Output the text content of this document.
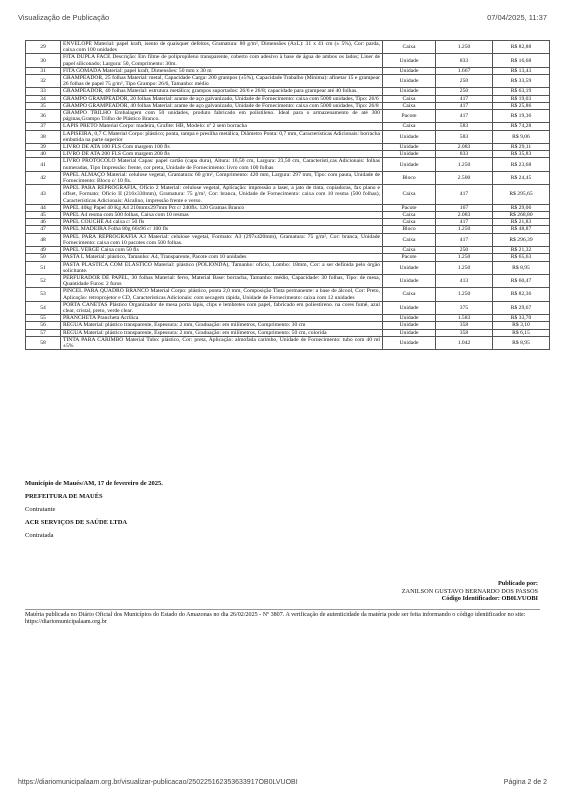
Visualização de Publicação	07/04/2025, 11:37
29	ENVELOPE Material: papel kraft, isento de quaisquer defeitos, Gramatura: 80 g/m², Dimensões (AxL): 31 x 41 cm (± 5%), Cor: parda, caixa com 100 unidades	Caixa	1.250	R$ 82,88
30	FITA DUPLA FACE Descrição: Em filme de polipropileno transparente, coberto com adesivo à base de água de ambos os lados; Liner de papel siliconado; Largura: 50, Comprimento: 30m.	Unidade	833	R$ 16,68
31	FITA GOMADA Material: papel kraft, Dimensões: 50 mm x 30 m	Unidade	1.667	R$ 13,43
32	GRAMPEADOR, 25 folhas Material: metal, Capacidade Carga: 200 grampos (±5%), Capacidade Trabalho (Mínima): afinetar 15 e grampear 26 folhas de papel 75 g/m², Tipo Grampo: 26/6, Tamanho: médio	Unidade	250	R$ 33,59
33	GRAMPEADOR, 40 folhas Material: estrutura metálica; grampos suportados: 26/6 e 26/8; capacidade para grampear até 40 folhas.	Unidade	250	R$ 63,19
34	GRAMPO GRAMPEADOR, 20 folhas Material: arame de aço galvanizado, Unidade de Fornecimento: caixa com 5000 unidades, Tipo: 26/6	Caixa	417	R$ 19,03
35	GRAMPO GRAMPEADOR, 40 folhas Material: arame de aço galvanizado, Unidade de Fornecimento: caixa com 5000 unidades, Tipo: 26/8	Caixa	417	R$ 25,86
36	GRAMPO TRILHO Embalagem com 50 unidades, produto fabricado em polistileno. Ideal para o armazenamento de até 300 páginas,Grampo Trilho de Plástico Branco.	Pacote	417	R$ 19,36
37	LÁPIS PRETO Material Corpo: madeira, Grafite: HB, Modelo: nº 2 sem borracha	Caixa	583	R$ 74,28
38	LAPISEIRA, 0,7 C Material Corpo: plástico; ponta, tampa e presilha metálica, Diâmetro Ponta: 0,7 mm, Características Adicionais: borracha embutida na parte superior	Unidade	583	R$ 9,06
39	LIVRO DE ATA 100 FLS Com margem 100 fls	Unidade	2.083	R$ 29,11
40	LIVRO DE ATA 200 FLS Com margem 200 fls	Unidade	833	R$ 35,83
41	LIVRO PROTOCOLO Material Capas: papel cartão (capa dura), Altura: 16,50 cm, Largura: 23,50 cm, Característi,cas Adicionais: folhas numeradas, Tipo Impressão: frente, cor preta, Unidade de Fornecimento: livro com 100 folhas	Unidade	1.250	R$ 23,68
42	PAPEL ALMAÇO Material: celulose vegetal, Gramatura: 60 g/m², Comprimento: 420 mm, Largura: 297 mm, Tipo: com pauta, Unidade de Fornecimento: Bloco c/ 10 fls.	Bloco	2.500	R$ 24,45
43	PAPEL PARA REPROGRAFIA, Ofício 2 Material: celulose vegetal, Aplicação: impressão a laser, a jato de tinta, copiadoras, fax plano e offset, Formato: Ofício II (216x330mm), Gramatura: 75 g/m², Cor: branca, Unidade de Fornecimento: caixa com 10 resma (500 folhas), Características Adicionais: Alcalino, impressão frente e verso.	Caixa	417	R$ 295,65
44	PAPEL 40kg Papel 40 Kg A4 210mmx297mm Pct c/ 240fls. 120 Gramas Branco	Pacote	167	R$ 29,06
45	PAPEL A4 resma com 500 folhas, Caixa com 10 resmas	Caixa	2.083	R$ 268,80
46	PAPEL COUCHÊ A4 caixa c/ 50 fls	Caixa	417	R$ 21,83
47	PAPEL MADEIRA Folha 80g 66x96 c/ 100 fls	Bloco	1.250	R$ 48,87
48	PAPEL PARA REPROGRAFIA A3 Material: celulose vegetal, Formato: A3 (297x420mm), Gramatura: 75 g/m², Cor: branca, Unidade Fornecimento: caixa com 10 pacotes com 500 folhas.	Caixa	417	R$ 296,39
49	PAPEL VERGÊ Caixa com 50 fls	Caixa	250	R$ 21,32
50	PASTA L Material: plástico, Tamanho: A4, Transparente, Pacote com 10 unidades	Pacote	1.250	R$ 65,63
51	PASTA PLÁSTICA COM ELÁSTICO Material: plástico (POLIONDA), Tamanho: ofício, Lombo: 18mm, Cor: a ser definida pelo órgão solicitante.	Unidade	1.250	R$ 8,95
52	PERFURADOR DE PAPEL, 30 folhas Material: ferro, Material Base: borracha, Tamanho: médio, Capacidade: 30 folhas, Tipo: de mesa, Quantidade Furos: 2 furos	Unidade	413	R$ 60,47
53	PINCEL PARA QUADRO BRANCO Material Corpo: plástico, ponta 2,0 mm, Composição Tinta permanente: a base de álcool, Cor: Preto, Aplicação: retroprojetor e CD, Características Adicionais: com secagem rápida, Unidade de Fornecimento: caixa com 12 unidades	Caixa	1.250	R$ 82,36
54	PORTA CANETAS Plástico Organizador de mesa porta lápis, clips e lembretes com papel, fabricado em poliestireno. na cores fumê, azul clear, cristal, preto, verde clear.	Unidade	375	R$ 29,67
55	PRANCHETA Prancheta Acrílica	Unidade	1.583	R$ 33,70
56	RÉGUA Material: plástico transparente, Espessura: 2 mm, Graduação: em milímetros, Comprimento: 30 cm	Unidade	358	R$ 3,10
57	RÉGUA Material: plástico transparente, Espessura: 2 mm, Graduação: em milímetros, Comprimento: 50 cm, colorida	Unidade	358	R$ 6,15
58	TINTA PARA CARIMBO Material Tubo: plástico, Cor: preta, Aplicação: almofada carimbo, Unidade de Fornecimento: tubo com 40 ml ±5%	Unidade	1.042	R$ 8,95
Município de Maués/AM, 17 de fevereiro de 2025.
PREFEITURA DE MAUÉS
Contratante
ACR SERVIÇOS DE SAÚDE LTDA
Contratada
Publicado por:
ZANILSON GUSTAVO BERNARDO DOS PASSOS
Código Identificador: OB0LVUOBI
Matéria publicada no Diário Oficial dos Municípios do Estado do Amazonas no dia 26/02/2025 - Nº 3807. A verificação de autenticidade da matéria pode ser feita informando o código identificador no site: https://diariomunicipalaam.org.br
https://diariomunicipalaam.org.br/visualizar-publicacao/250225162353633917OB0LVUOBI	Página 2 de 2
